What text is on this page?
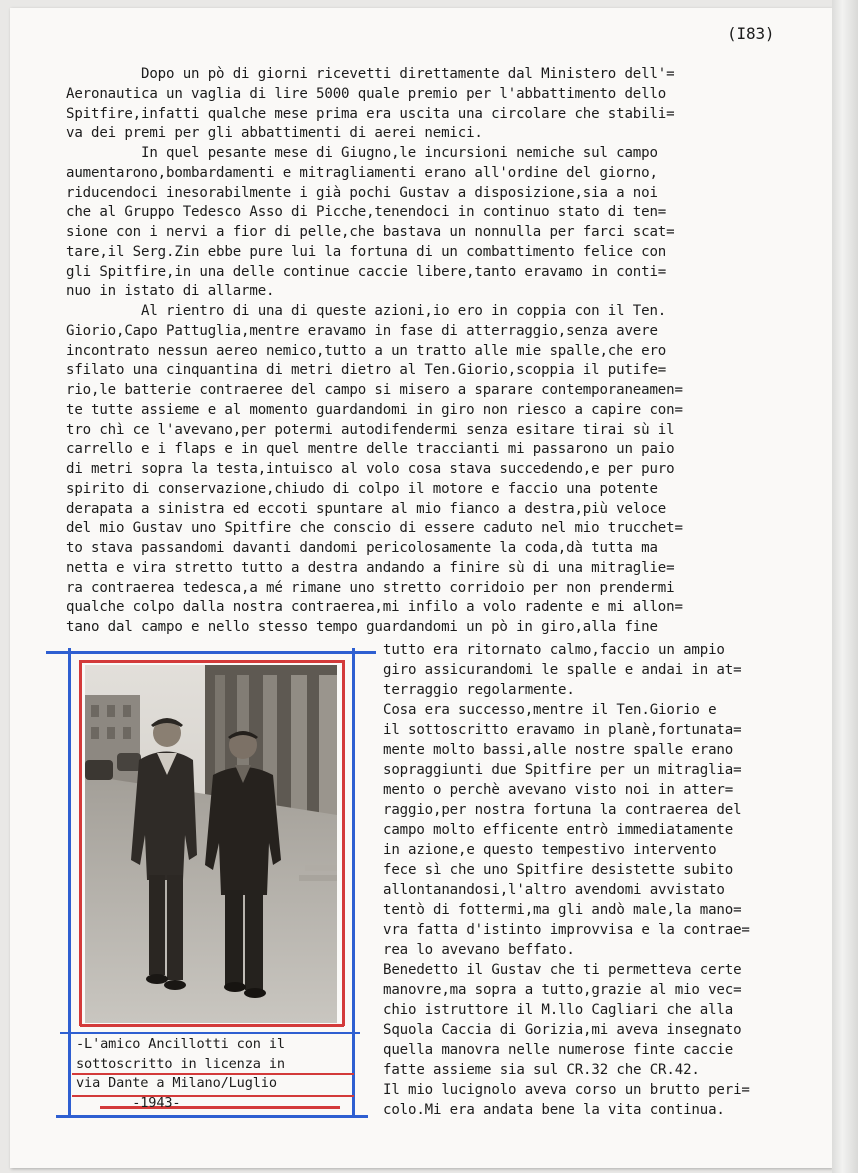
(I83)
Dopo un pò di giorni ricevetti direttamente dal Ministero dell'=
Aeronautica un vaglia di lire 5000 quale premio per l'abbattimento dello
Spitfire,infatti qualche mese prima era uscita una circolare che stabili=
va dei premi per gli abbattimenti di aerei nemici.
In quel pesante mese di Giugno,le incursioni nemiche sul campo
aumentarono,bombardamenti e mitragliamenti erano all'ordine del giorno,
riducendoci inesorabilmente i già pochi Gustav a disposizione,sia a noi
che al Gruppo Tedesco Asso di Picche,tenendoci in continuo stato di ten=
sione con i nervi a fior di pelle,che bastava un nonnulla per farci scat=
tare,il Serg.Zin ebbe pure lui la fortuna di un combattimento felice con
gli Spitfire,in una delle continue caccie libere,tanto eravamo in conti=
nuo in istato di allarme.
Al rientro di una di queste azioni,io ero in coppia con il Ten.
Giorio,Capo Pattuglia,mentre eravamo in fase di atterraggio,senza avere
incontrato nessun aereo nemico,tutto a un tratto alle mie spalle,che ero
sfilato una cinquantina di metri dietro al Ten.Giorio,scoppia il putife=
rio,le batterie contraeree del campo si misero a sparare contemporaneamen=
te tutte assieme e al momento guardandomi in giro non riesco a capire con=
tro chì ce l'avevano,per potermi autodifendermi senza esitare tirai sù il
carrello e i flaps e in quel mentre delle traccianti mi passarono un paio
di metri sopra la testa,intuisco al volo cosa stava succedendo,e per puro
spirito di conservazione,chiudo di colpo il motore e faccio una potente
derapata a sinistra ed eccoti spuntare al mio fianco a destra,più veloce
del mio Gustav uno Spitfire che conscio di essere caduto nel mio trucchet=
to stava passandomi davanti dandomi pericolosamente la coda,dà tutta ma
netta e vira stretto tutto a destra andando a finire sù di una mitraglie=
ra contraerea tedesca,a mé rimane uno stretto corridoio per non prendermi
qualche colpo dalla nostra contraerea,mi infilo a volo radente e mi allon=
tano dal campo e nello stesso tempo guardandomi un pò in giro,alla fine
tutto era ritornato calmo,faccio un ampio
giro assicurandomi le spalle e andai in at=
terraggio regolarmente.
Cosa era successo,mentre il Ten.Giorio e
il sottoscritto eravamo in planè,fortunata=
mente molto bassi,alle nostre spalle erano
sopraggiunti due Spitfire per un mitraglia=
mento o perchè avevano visto noi in atter=
raggio,per nostra fortuna la contraerea del
campo molto efficente entrò immediatamente
in azione,e questo tempestivo intervento
fece sì che uno Spitfire desistette subito
allontanandosi,l'altro avendomi avvistato
tentò di fottermi,ma gli andò male,la mano=
vra fatta d'istinto improvvisa e la contrae=
rea lo avevano beffato.
Benedetto il Gustav che ti permetteva certe
manovre,ma sopra a tutto,grazie al mio vec=
chio istruttore il M.llo Cagliari che alla
Squola Caccia di Gorizia,mi aveva insegnato
quella manovra nelle numerose finte caccie
fatte assieme sia sul CR.32 che CR.42.
Il mio lucignolo aveva corso un brutto peri=
colo.Mi era andata bene la vita continua.
-L'amico Ancillotti con il
sottoscritto in licenza in
via Dante a Milano/Luglio
-1943-
